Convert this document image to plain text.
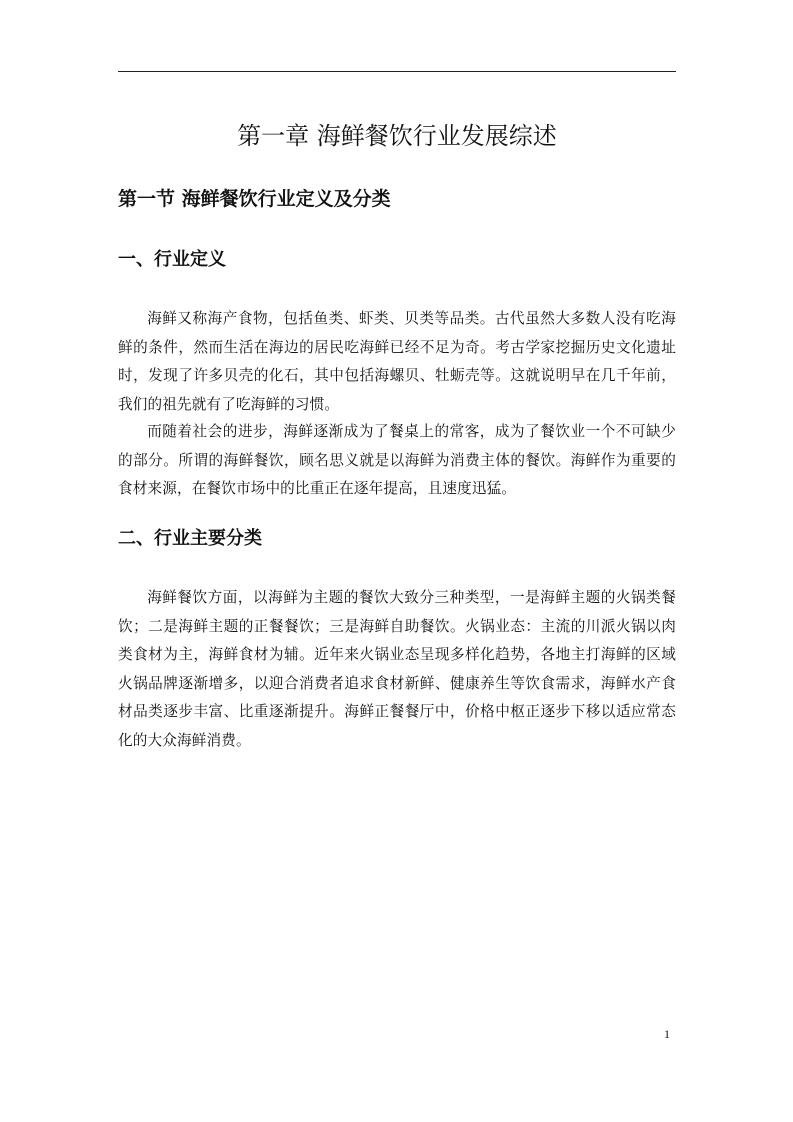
第一章 海鲜餐饮行业发展综述
第一节 海鲜餐饮行业定义及分类
一、行业定义

海鲜又称海产食物，包括鱼类、虾类、贝类等品类。古代虽然大多数人没有吃海鲜的条件，然而生活在海边的居民吃海鲜已经不足为奇。考古学家挖掘历史文化遗址时，发现了许多贝壳的化石，其中包括海螺贝、牡蛎壳等。这就说明早在几千年前，我们的祖先就有了吃海鲜的习惯。

而随着社会的进步，海鲜逐渐成为了餐桌上的常客，成为了餐饮业一个不可缺少的部分。所谓的海鲜餐饮，顾名思义就是以海鲜为消费主体的餐饮。海鲜作为重要的食材来源，在餐饮市场中的比重正在逐年提高，且速度迅猛。

二、行业主要分类

海鲜餐饮方面，以海鲜为主题的餐饮大致分三种类型，一是海鲜主题的火锅类餐饮；二是海鲜主题的正餐餐饮；三是海鲜自助餐饮。火锅业态：主流的川派火锅以肉类食材为主，海鲜食材为辅。近年来火锅业态呈现多样化趋势，各地主打海鲜的区域火锅品牌逐渐增多，以迎合消费者追求食材新鲜、健康养生等饮食需求，海鲜水产食材品类逐步丰富、比重逐渐提升。海鲜正餐餐厅中，价格中枢正逐步下移以适应常态化的大众海鲜消费。

1
